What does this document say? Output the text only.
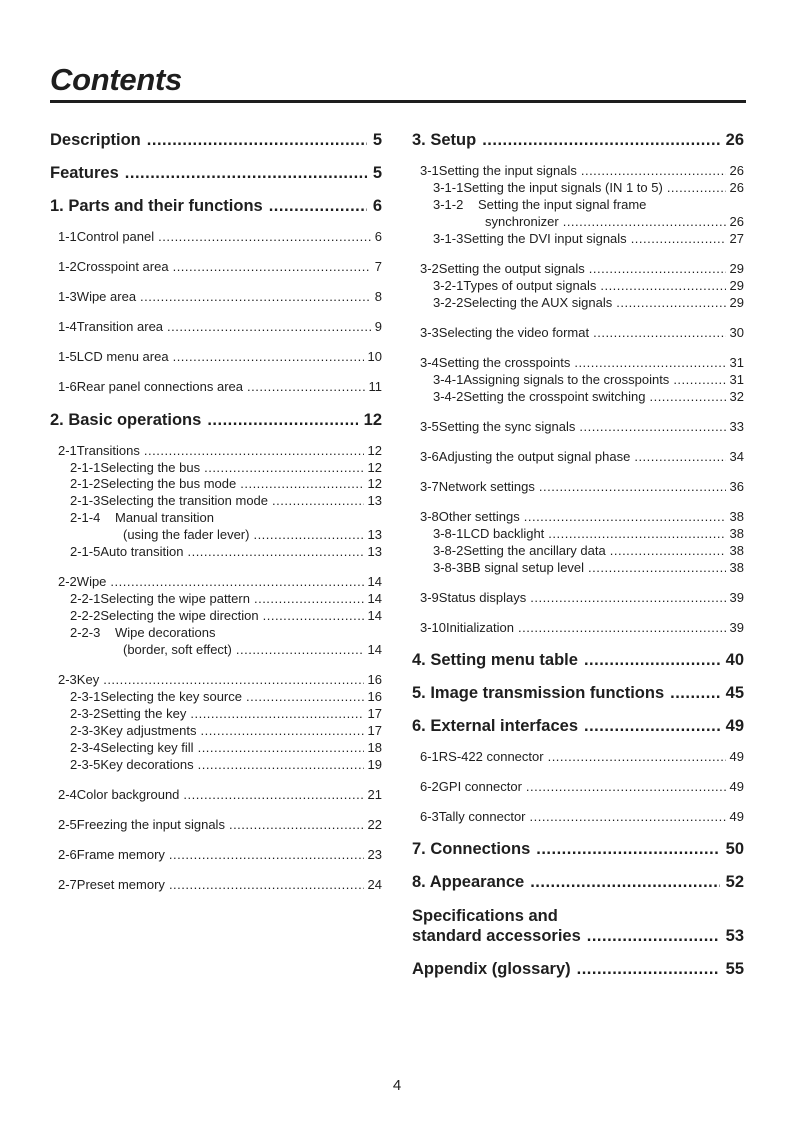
Contents
Description .....	5
Features .....	5
1. Parts and their functions .....	6
1-1 Control panel .....	6
1-2 Crosspoint area .....	7
1-3 Wipe area .....	8
1-4 Transition area .....	9
1-5 LCD menu area .....	10
1-6 Rear panel connections area .....	11
2. Basic operations .....	12
2-1 Transitions .....	12
2-1-1 Selecting the bus .....	12
2-1-2 Selecting the bus mode .....	12
2-1-3 Selecting the transition mode .....	13
2-1-4	Manual transition
(using the fader lever) .....	13
2-1-5 Auto transition .....	13
2-2 Wipe .....	14
2-2-1 Selecting the wipe pattern .....	14
2-2-2 Selecting the wipe direction .....	14
2-2-3	Wipe decorations
(border, soft effect) .....	14
2-3 Key .....	16
2-3-1 Selecting the key source .....	16
2-3-2 Setting the key .....	17
2-3-3 Key adjustments .....	17
2-3-4 Selecting key fill .....	18
2-3-5 Key decorations .....	19
2-4 Color background .....	21
2-5 Freezing the input signals .....	22
2-6 Frame memory .....	23
2-7 Preset memory .....	24
3. Setup .....	26
3-1 Setting the input signals .....	26
3-1-1 Setting the input signals (IN 1 to 5) .....	26
3-1-2	Setting the input signal frame
synchronizer .....	26
3-1-3 Setting the DVI input signals .....	27
3-2 Setting the output signals .....	29
3-2-1 Types of output signals .....	29
3-2-2 Selecting the AUX signals .....	29
3-3 Selecting the video format .....	30
3-4 Setting the crosspoints .....	31
3-4-1 Assigning signals to the crosspoints .....	31
3-4-2 Setting the crosspoint switching .....	32
3-5 Setting the sync signals .....	33
3-6 Adjusting the output signal phase .....	34
3-7 Network settings .....	36
3-8 Other settings .....	38
3-8-1 LCD backlight .....	38
3-8-2 Setting the ancillary data .....	38
3-8-3 BB signal setup level .....	38
3-9 Status displays .....	39
3-10 Initialization .....	39
4. Setting menu table .....	40
5. Image transmission functions .....	45
6. External interfaces .....	49
6-1 RS-422 connector .....	49
6-2 GPI connector .....	49
6-3 Tally connector .....	49
7. Connections .....	50
8. Appearance .....	52
Specifications and
standard accessories .....	53
Appendix (glossary) .....	55
4
